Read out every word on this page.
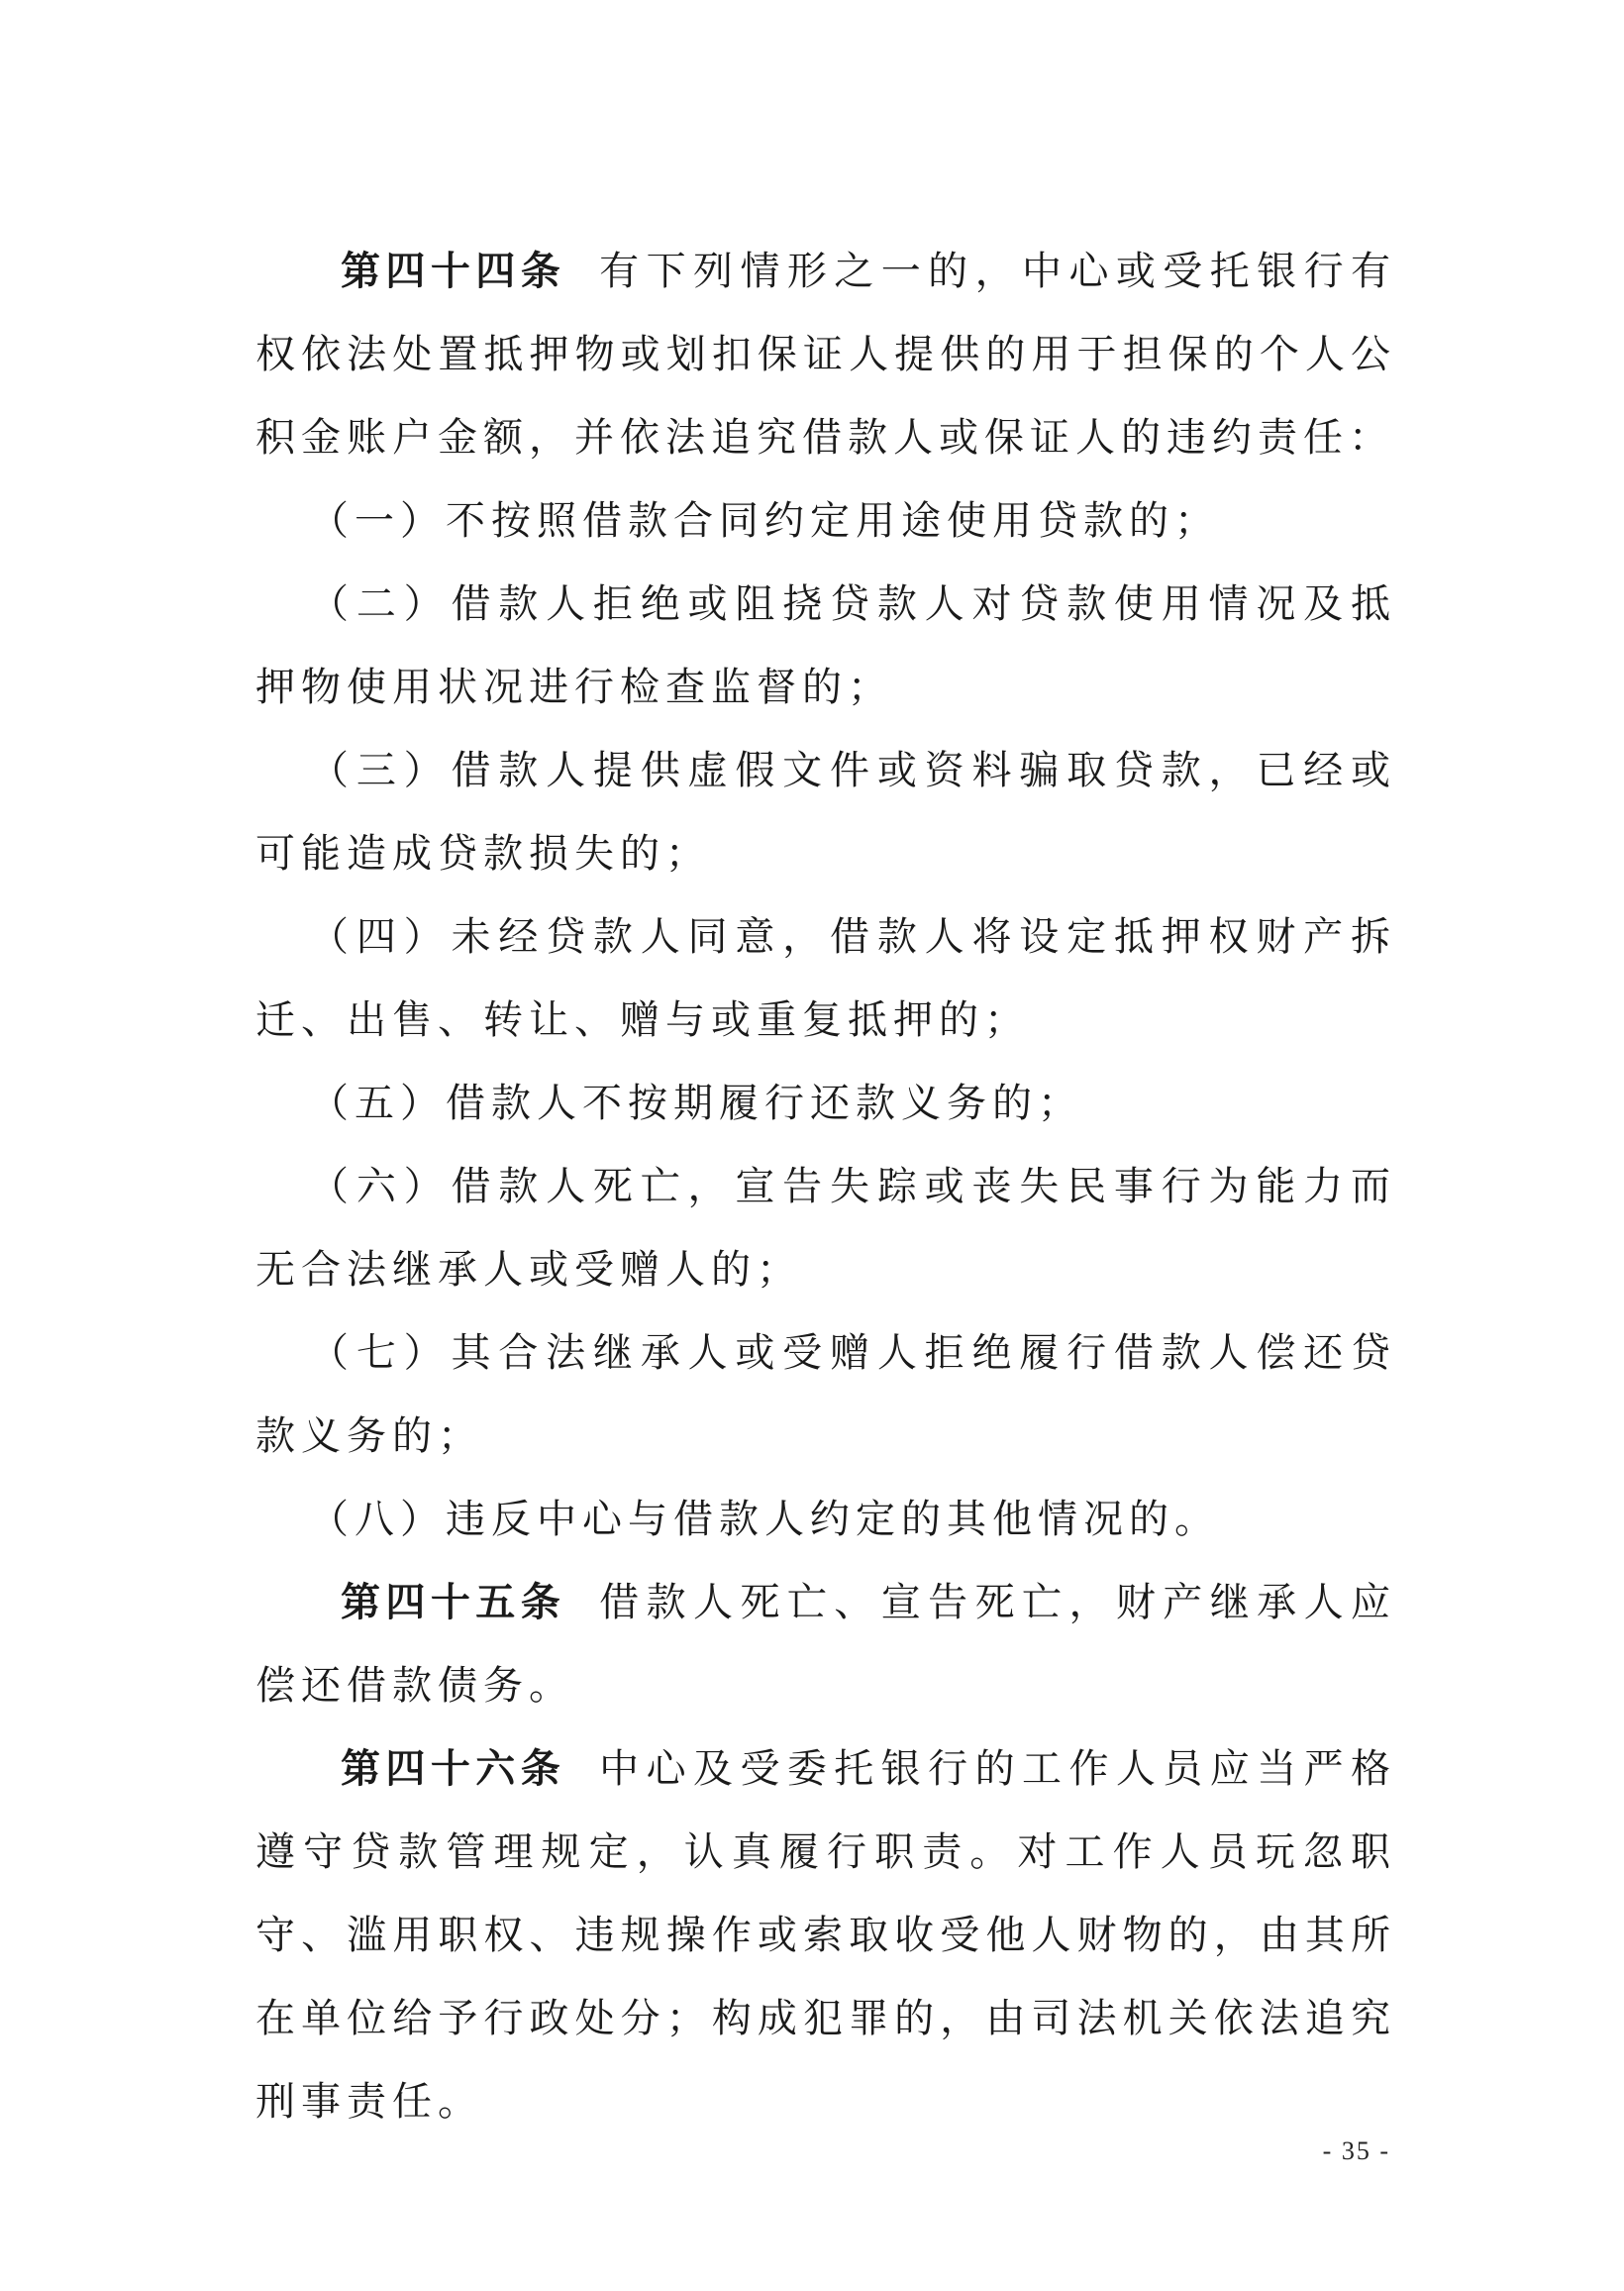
第四十四条 有下列情形之一的，中心或受托银行有权依法处置抵押物或划扣保证人提供的用于担保的个人公积金账户金额，并依法追究借款人或保证人的违约责任：

（一）不按照借款合同约定用途使用贷款的；

（二）借款人拒绝或阻挠贷款人对贷款使用情况及抵押物使用状况进行检查监督的；

（三）借款人提供虚假文件或资料骗取贷款，已经或可能造成贷款损失的；

（四）未经贷款人同意，借款人将设定抵押权财产拆迁、出售、转让、赠与或重复抵押的；

（五）借款人不按期履行还款义务的；

（六）借款人死亡，宣告失踪或丧失民事行为能力而无合法继承人或受赠人的；

（七）其合法继承人或受赠人拒绝履行借款人偿还贷款义务的；

（八）违反中心与借款人约定的其他情况的。

第四十五条 借款人死亡、宣告死亡，财产继承人应偿还借款债务。

第四十六条 中心及受委托银行的工作人员应当严格遵守贷款管理规定，认真履行职责。对工作人员玩忽职守、滥用职权、违规操作或索取收受他人财物的，由其所在单位给予行政处分；构成犯罪的，由司法机关依法追究刑事责任。

- 35 -
